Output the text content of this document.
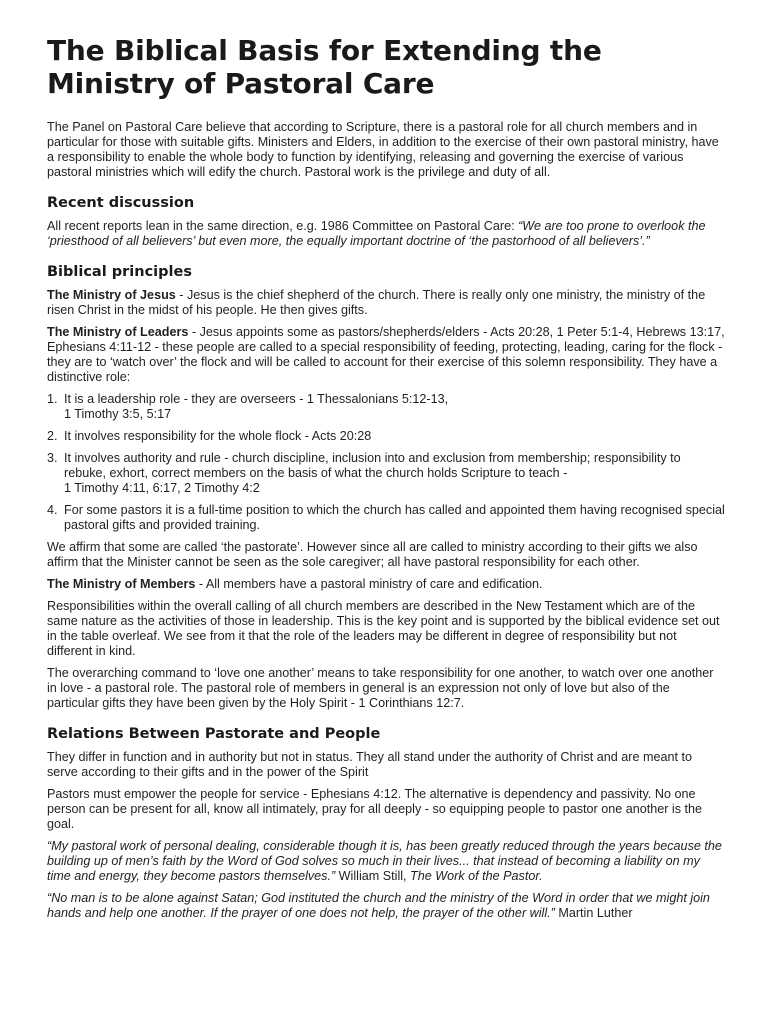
The Biblical Basis for Extending the Ministry of Pastoral Care

The Panel on Pastoral Care believe that according to Scripture, there is a pastoral role for all church members and in particular for those with suitable gifts. Ministers and Elders, in addition to the exercise of their own pastoral ministry, have a responsibility to enable the whole body to function by identifying, releasing and governing the exercise of various pastoral ministries which will edify the church. Pastoral work is the privilege and duty of all.

Recent discussion

All recent reports lean in the same direction, e.g. 1986 Committee on Pastoral Care: “We are too prone to overlook the ‘priesthood of all believers’ but even more, the equally important doctrine of ‘the pastorhood of all believers’.”

Biblical principles

The Ministry of Jesus - Jesus is the chief shepherd of the church. There is really only one ministry, the ministry of the risen Christ in the midst of his people. He then gives gifts.

The Ministry of Leaders - Jesus appoints some as pastors/shepherds/elders - Acts 20:28, 1 Peter 5:1-4, Hebrews 13:17, Ephesians 4:11-12 - these people are called to a special responsibility of feeding, protecting, leading, caring for the flock - they are to ‘watch over’ the flock and will be called to account for their exercise of this solemn responsibility. They have a distinctive role:

1. It is a leadership role - they are overseers - 1 Thessalonians 5:12-13,
1 Timothy 3:5, 5:17
2. It involves responsibility for the whole flock - Acts 20:28
3. It involves authority and rule - church discipline, inclusion into and exclusion from membership; responsibility to rebuke, exhort, correct members on the basis of what the church holds Scripture to teach -
1 Timothy 4:11, 6:17, 2 Timothy 4:2
4. For some pastors it is a full-time position to which the church has called and appointed them having recognised special pastoral gifts and provided training.

We affirm that some are called ‘the pastorate’. However since all are called to ministry according to their gifts we also affirm that the Minister cannot be seen as the sole caregiver; all have pastoral responsibility for each other.

The Ministry of Members - All members have a pastoral ministry of care and edification.

Responsibilities within the overall calling of all church members are described in the New Testament which are of the same nature as the activities of those in leadership. This is the key point and is supported by the biblical evidence set out in the table overleaf. We see from it that the role of the leaders may be different in degree of responsibility but not different in kind.

The overarching command to ‘love one another’ means to take responsibility for one another, to watch over one another in love - a pastoral role. The pastoral role of members in general is an expression not only of love but also of the particular gifts they have been given by the Holy Spirit - 1 Corinthians 12:7.

Relations Between Pastorate and People

They differ in function and in authority but not in status. They all stand under the authority of Christ and are meant to serve according to their gifts and in the power of the Spirit

Pastors must empower the people for service - Ephesians 4:12. The alternative is dependency and passivity. No one person can be present for all, know all intimately, pray for all deeply - so equipping people to pastor one another is the goal.

“My pastoral work of personal dealing, considerable though it is, has been greatly reduced through the years because the building up of men’s faith by the Word of God solves so much in their lives... that instead of becoming a liability on my time and energy, they become pastors themselves.” William Still, The Work of the Pastor.

“No man is to be alone against Satan; God instituted the church and the ministry of the Word in order that we might join hands and help one another. If the prayer of one does not help, the prayer of the other will.” Martin Luther
